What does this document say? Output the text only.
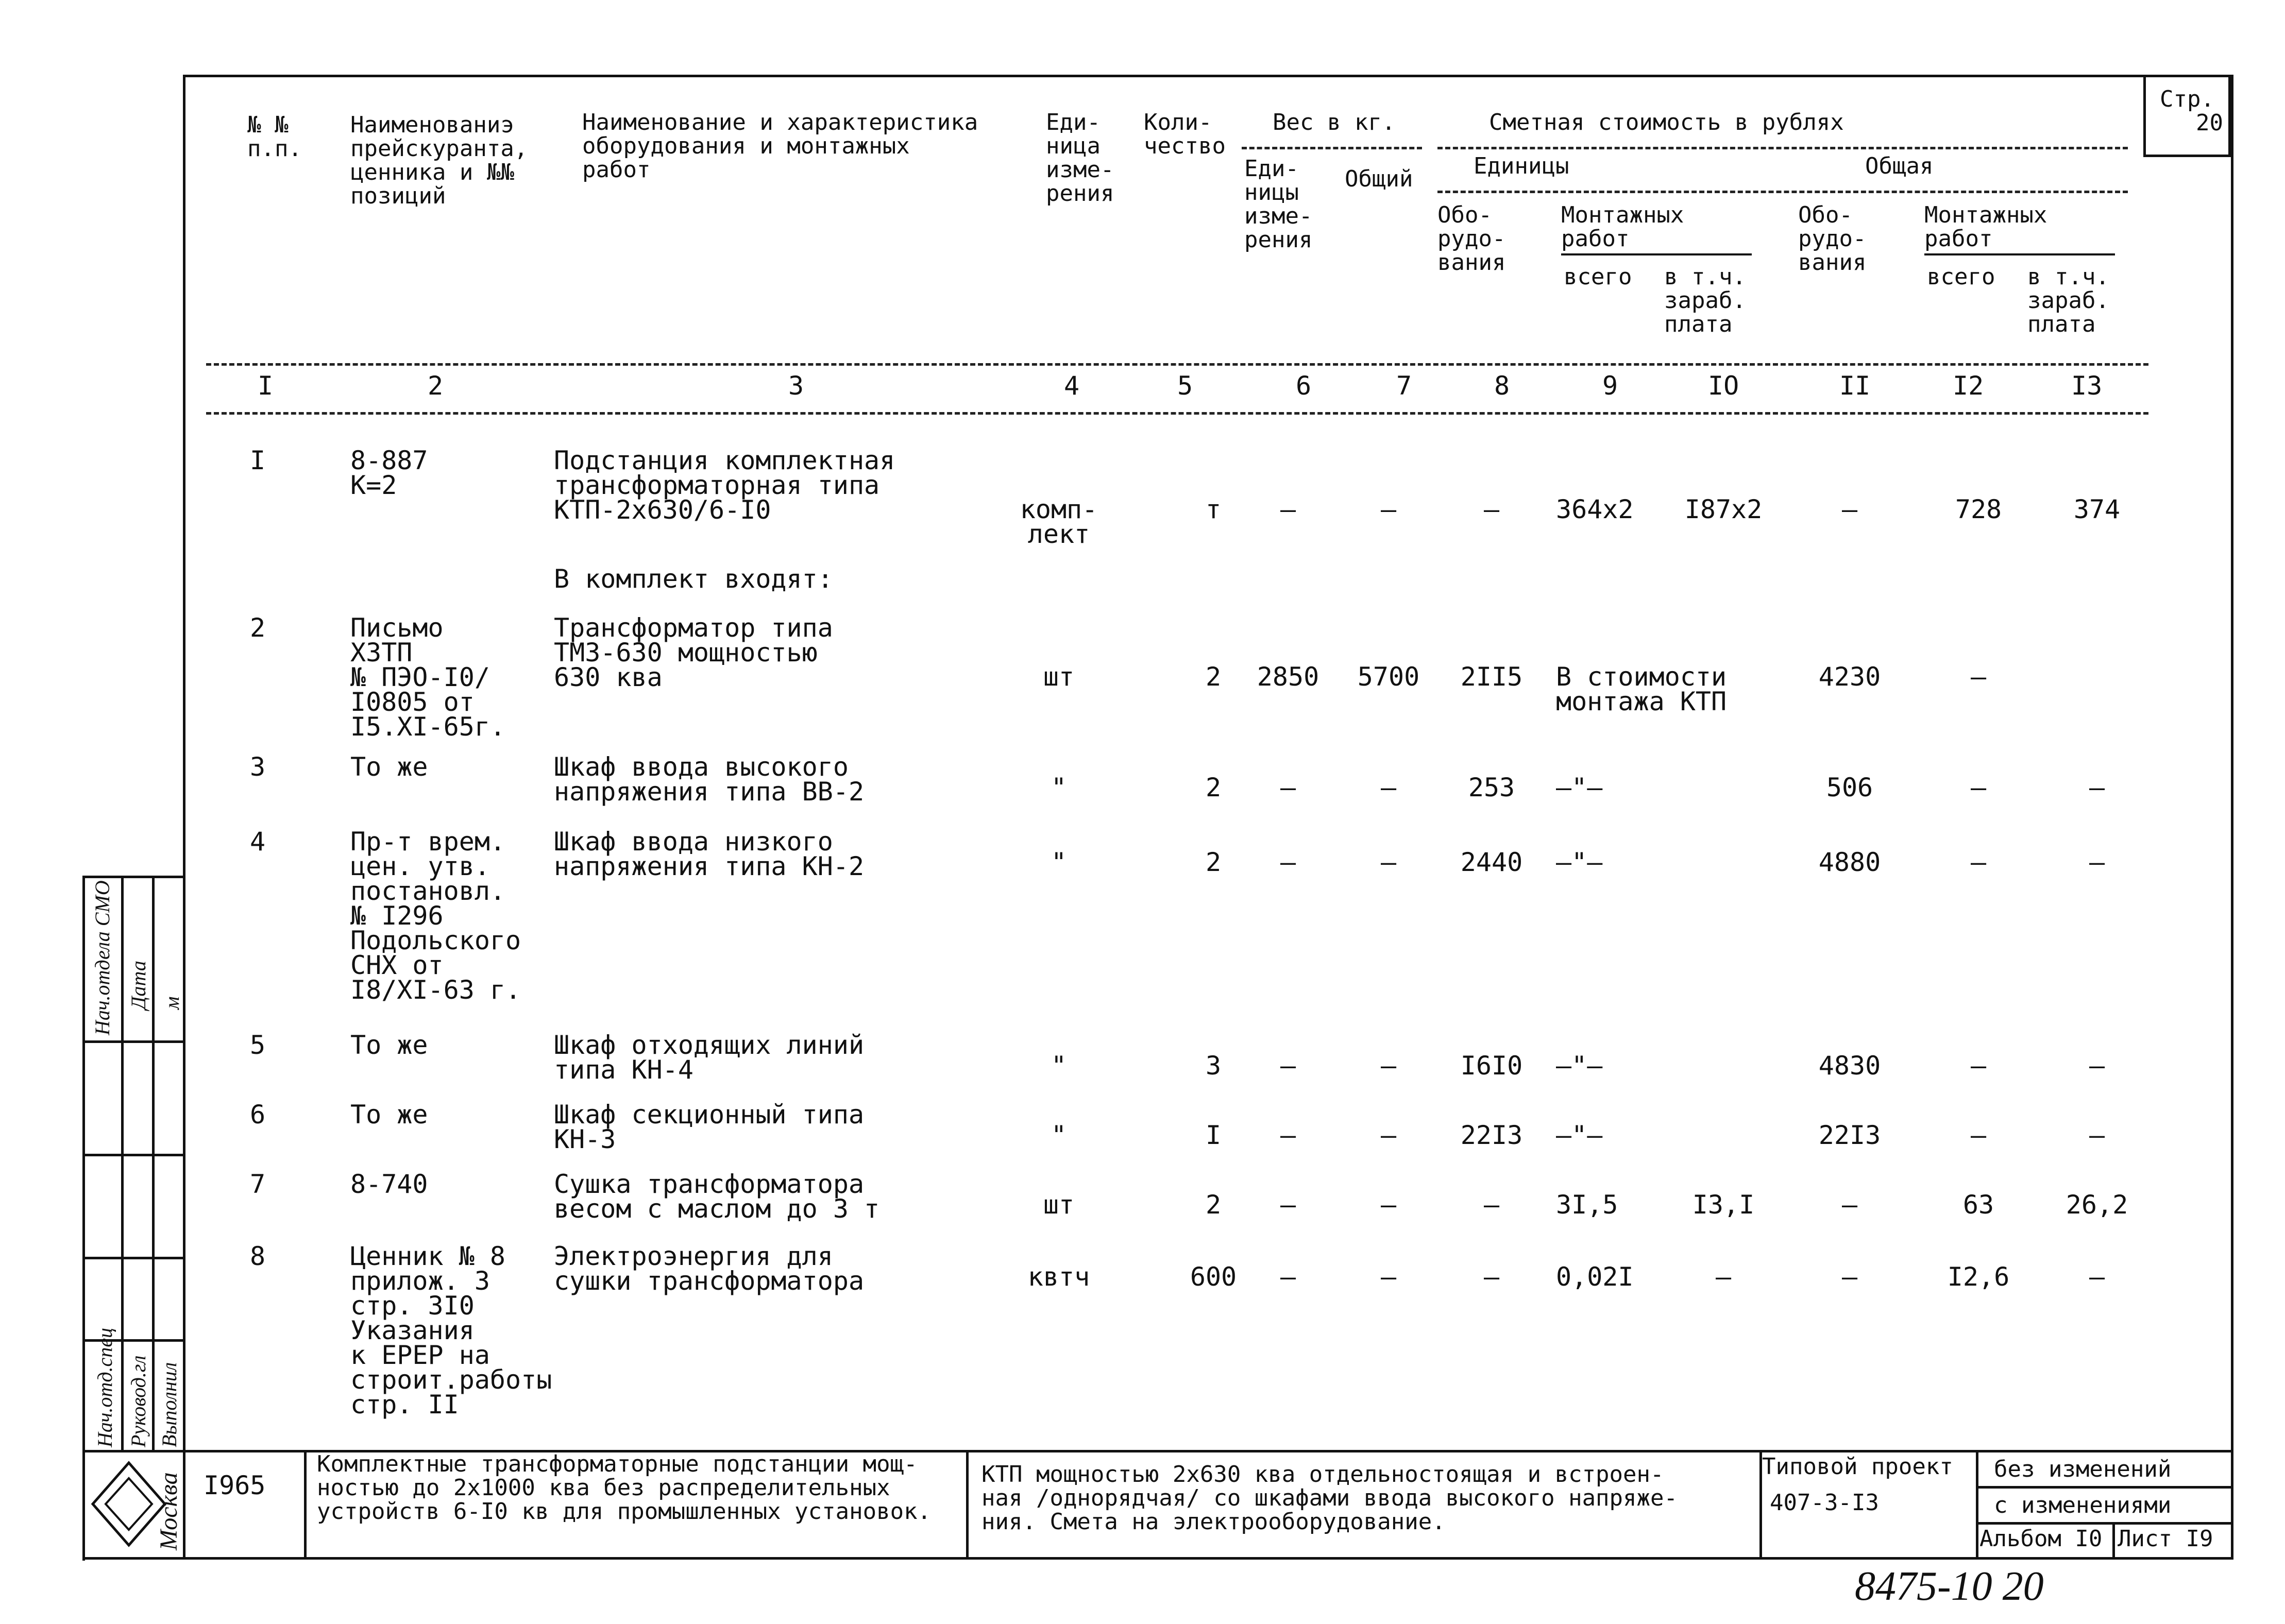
Стр.
20
№ №
п.п.
Наименованиэ
прейскуранта,
ценника и №№
позиций
Наименование и характеристика
оборудования и монтажных
работ
Еди-
ница
изме-
рения
Коли-
чество
Вес в кг.
Еди-
ницы
изме-
рения
Общий
Сметная стоимость в рублях
Единицы	Общая
Обо-
рудо-
вания
Монтажных
работ
всего в т.ч.
зараб.
плата
Обо-
рудо-
вания
Монтажных
работ
всего в т.ч.
зараб.
плата
I	2	3	4	5	6	7	8	9	IO	II	I2	I3
I	8-887
K=2
Подстанция комплектная
трансформаторная типа
КТП-2х630/6-I0	комп-
лект
т	–	–	–	364х2	I87х2	–	728	374
В комплект входят:
2	Письмо
ХЗТП
№ ПЭО-I0/
I0805 от
I5.XI-65г.
Трансформатор типа
ТМЗ-630 мощностью
630 ква	шт	2	2850	5700	2II5	В стоимости
монтажа КТП
4230	–
3	То же	Шкаф ввода высокого
напряжения типа ВВ-2	"	2	–	–	253	–"–	506	–	–
4	Пр-т врем.
цен. утв.
постановл.
№ I296
Подольского
СНХ от
I8/XI-63 г.
Шкаф ввода низкого
напряжения типа КН-2	"	2	–	–	2440	–"–	4880	–	–
5	То же	Шкаф отходящих линий
типа КН-4	"	3	–	–	I6I0	–"–	4830	–	–
6	То же	Шкаф секционный типа
КН-3	"	I	–	–	22I3	–"–	22I3	–	–
7	8-740	Сушка трансформатора
весом с маслом до 3 т	шт	2	–	–	–	3I,5	I3,I	–	63	26,2
8	Ценник № 8
прилож. 3
стр. 3I0
Указания
к ЕРЕР на
строит.работы
стр. II
Электроэнергия для
сушки трансформатора	квтч	600	–	–	–	0,02I	–	–	I2,6	–
Нач.отдела СМО Дата м
Нач.отд.спец Руковод.гл Выполнил
Москва I965
Комплектные трансформаторные подстанции мощ-
ностью до 2х1000 ква без распределительных
устройств 6-I0 кв для промышленных установок.
КТП мощностью 2х630 ква отдельностоящая и встроен-
ная /однорядчая/ со шкафами ввода высокого напряже-
ния. Смета на электрооборудование.
Типовой проект
407-3-I3
без изменений
с изменениями
Альбом I0 Лист I9
8475-10 20
